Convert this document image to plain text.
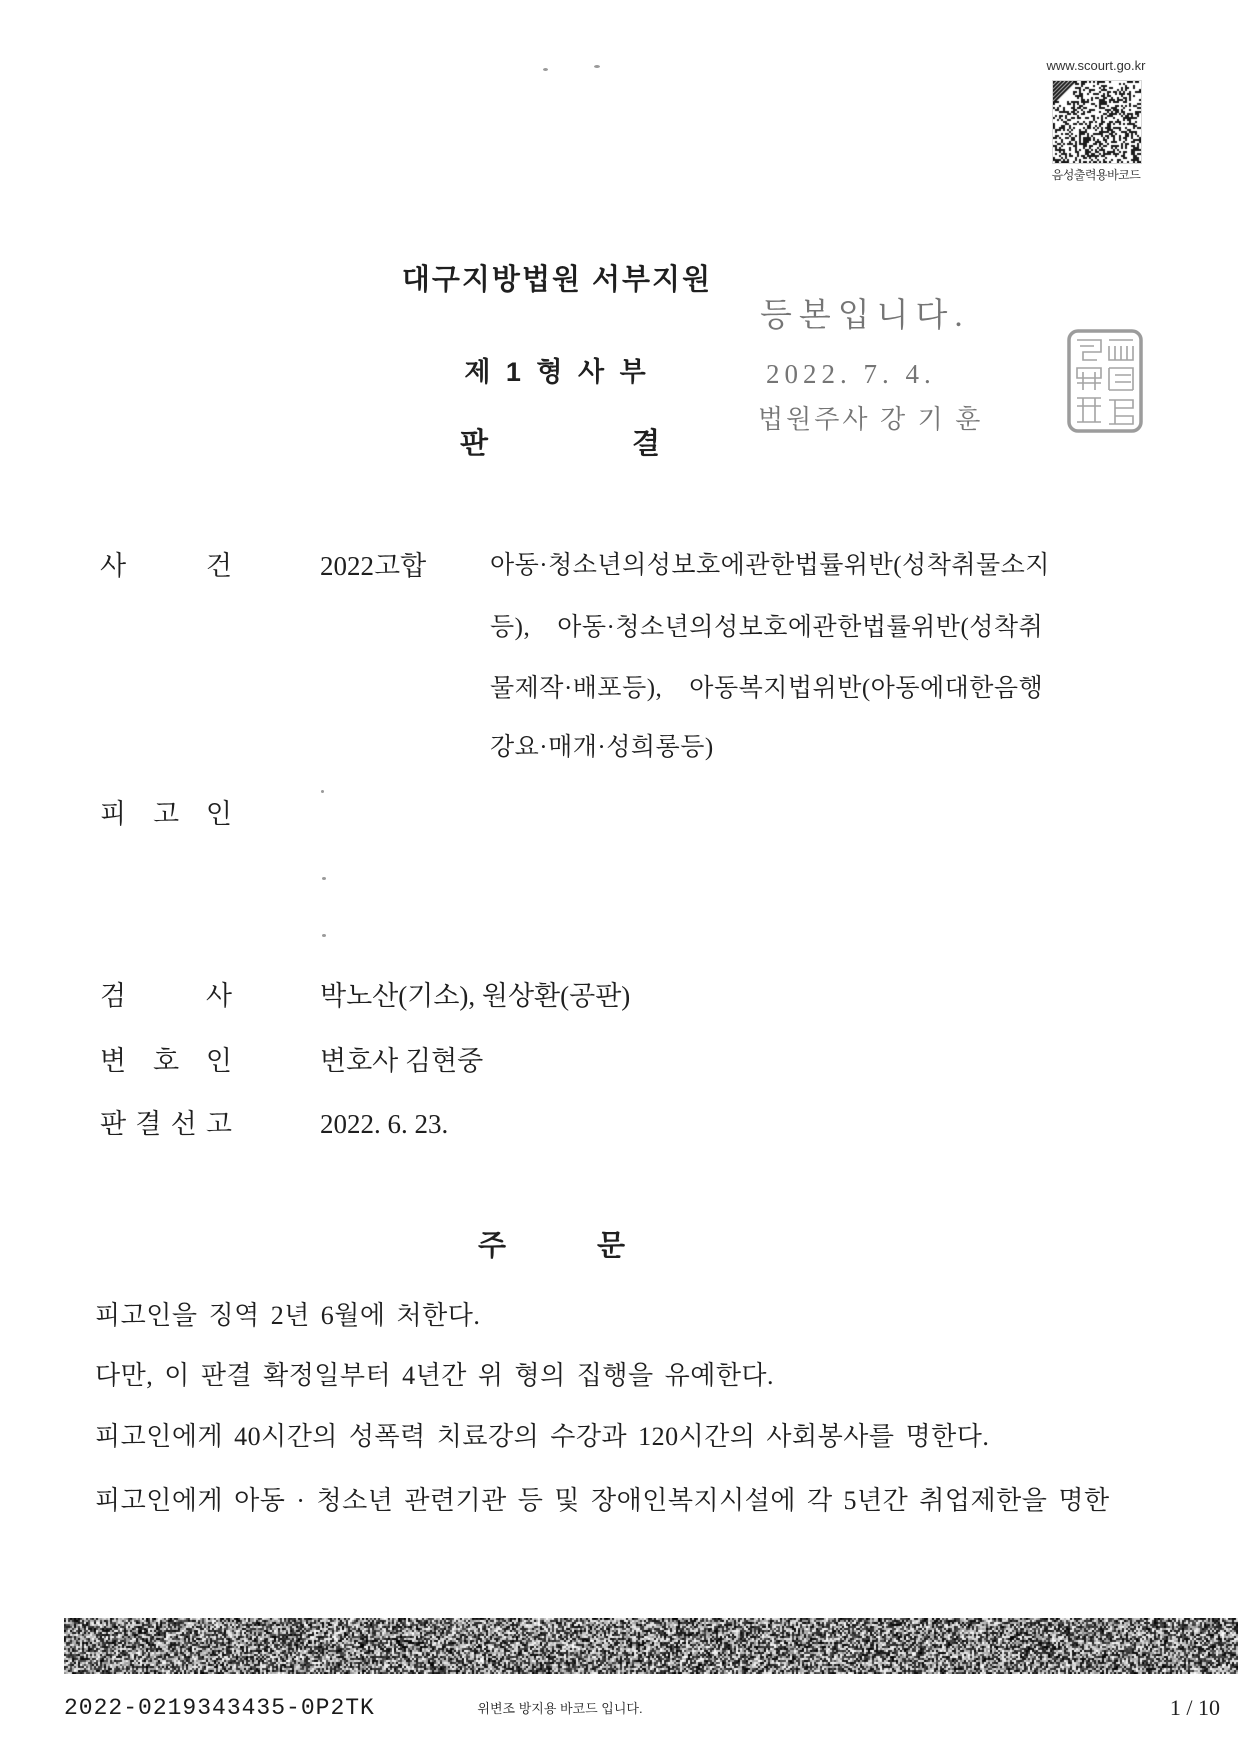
www.scourt.go.kr
음성출력용바코드
대구지방법원 서부지원
제 1 형 사 부
판 결
등본입니다.
2022. 7. 4.
법원주사 강 기 훈
사 건	2022고합	아동·청소년의성보호에관한법률위반(성착취물소지
등),    아동·청소년의성보호에관한법률위반(성착취
물제작·배포등),    아동복지법위반(아동에대한음행
강요·매개·성희롱등)
피 고 인
검 사	박노산(기소), 원상환(공판)
변 호 인	변호사 김현중
판 결 선 고	2022. 6. 23.
주 문
피고인을 징역 2년 6월에 처한다.
다만, 이 판결 확정일부터 4년간 위 형의 집행을 유예한다.
피고인에게 40시간의 성폭력 치료강의 수강과 120시간의 사회봉사를 명한다.
피고인에게 아동 · 청소년 관련기관 등 및 장애인복지시설에 각 5년간 취업제한을 명한
2022-0219343435-0P2TK	위변조 방지용 바코드 입니다.	1 / 10
